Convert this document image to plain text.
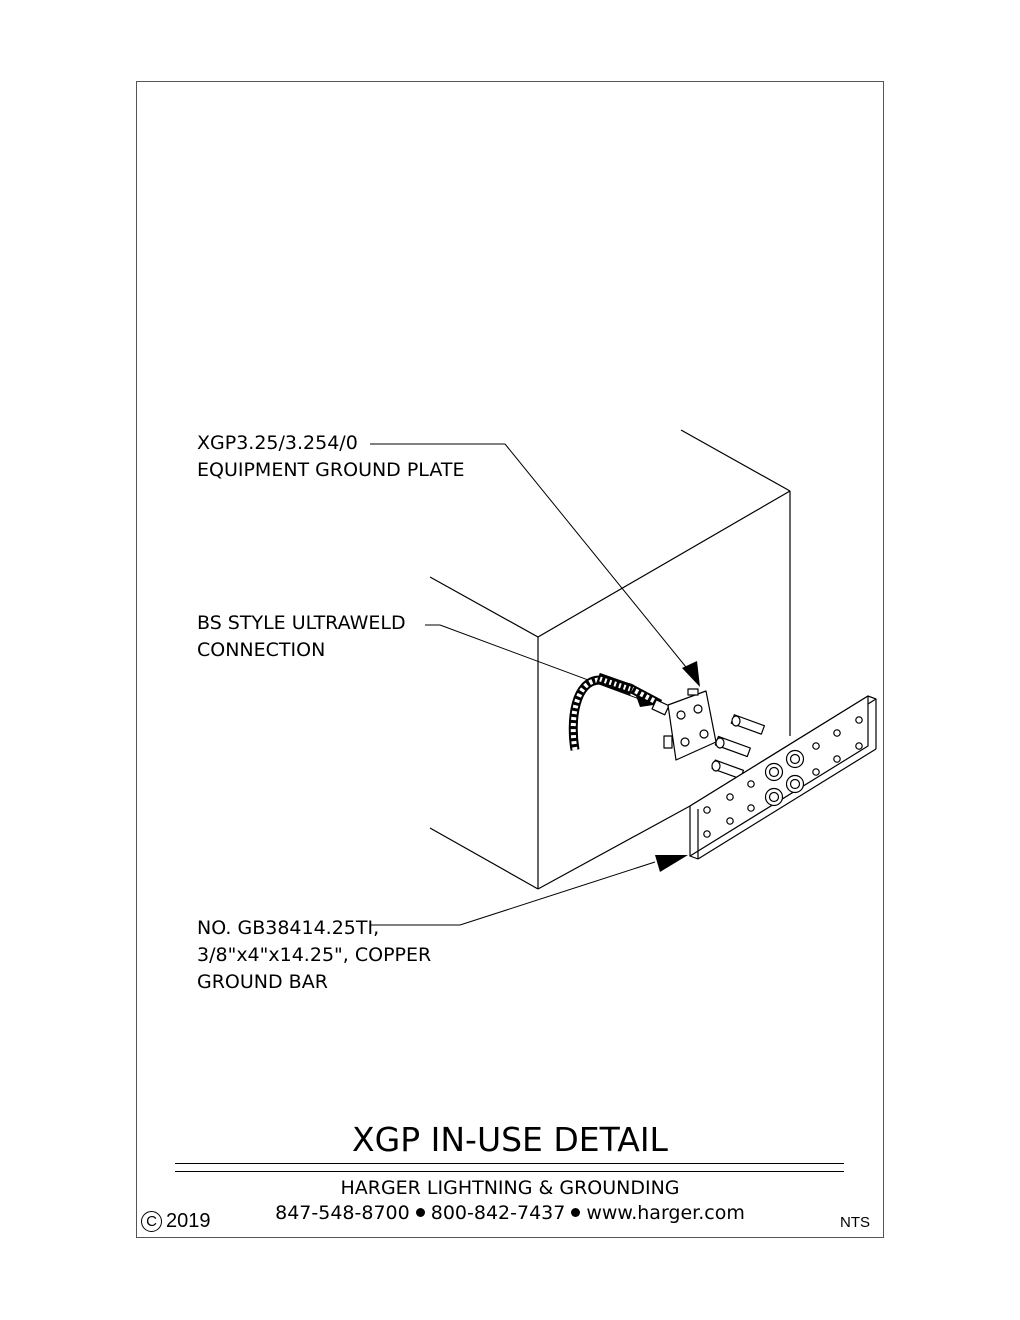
XGP3.25/3.254/0
EQUIPMENT GROUND PLATE
BS STYLE ULTRAWELD
CONNECTION
NO. GB38414.25TI,
3/8"x4"x14.25", COPPER
GROUND BAR
XGP IN-USE DETAIL
HARGER LIGHTNING & GROUNDING
847-548-8700 800-842-7437 www.harger.com
C 2019	NTS
